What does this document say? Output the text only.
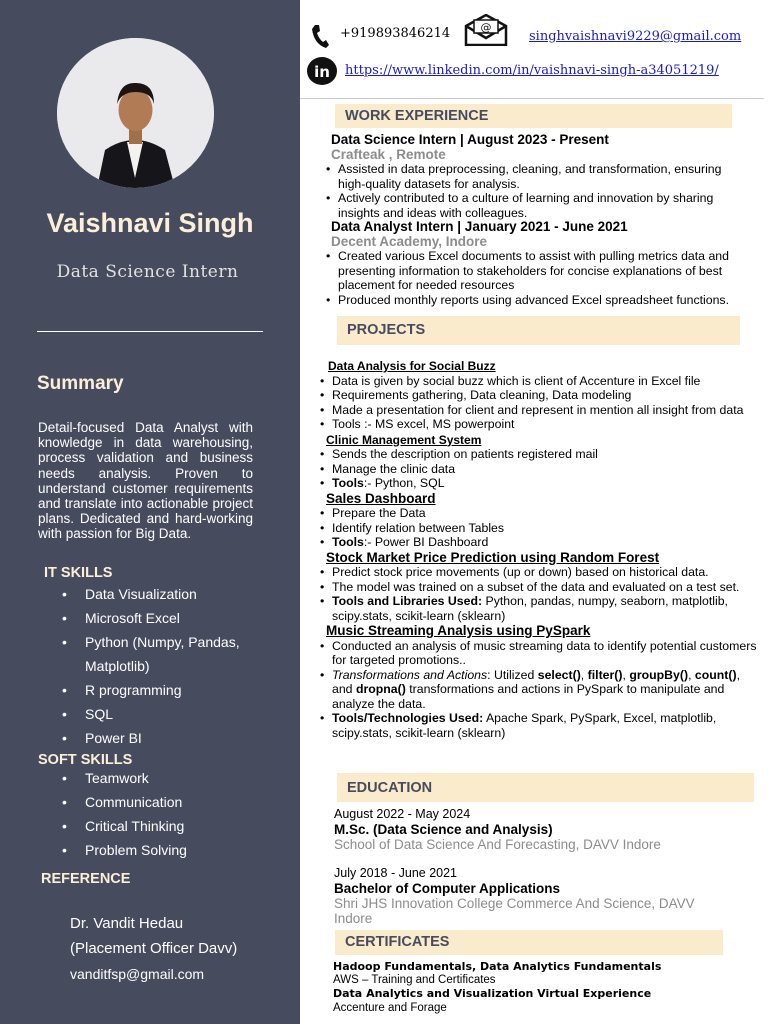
Vaishnavi Singh
Data Science Intern
Summary
Detail-focused Data Analyst with knowledge in data warehousing, process validation and business needs analysis. Proven to understand customer requirements and translate into actionable project plans. Dedicated and hard-working with passion for Big Data.
IT SKILLS
• Data Visualization
• Microsoft Excel
• Python (Numpy, Pandas,
Matplotlib)
• R programming
• SQL
• Power BI
SOFT SKILLS
• Teamwork
• Communication
• Critical Thinking
• Problem Solving
REFERENCE
Dr. Vandit Hedau
(Placement Officer Davv)
vanditfsp@gmail.com
+919893846214	@
singhvaishnavi9229@gmail.com
in https://www.linkedin.com/in/vaishnavi-singh-a34051219/
WORK EXPERIENCE
Data Science Intern | August 2023 - Present
Crafteak , Remote
• Assisted in data preprocessing, cleaning, and transformation, ensuring high-quality datasets for analysis.
• Actively contributed to a culture of learning and innovation by sharing insights and ideas with colleagues.
Data Analyst Intern | January 2021 - June 2021
Decent Academy, Indore
• Created various Excel documents to assist with pulling metrics data and presenting information to stakeholders for concise explanations of best placement for needed resources
• Produced monthly reports using advanced Excel spreadsheet functions.
PROJECTS
Data Analysis for Social Buzz
• Data is given by social buzz which is client of Accenture in Excel file
• Requirements gathering, Data cleaning, Data modeling
• Made a presentation for client and represent in mention all insight from data
• Tools :- MS excel, MS powerpoint
Clinic Management System
• Sends the description on patients registered mail
• Manage the clinic data
• Tools:- Python, SQL
Sales Dashboard
• Prepare the Data
• Identify relation between Tables
• Tools:- Power BI Dashboard
Stock Market Price Prediction using Random Forest
• Predict stock price movements (up or down) based on historical data.
• The model was trained on a subset of the data and evaluated on a test set.
• Tools and Libraries Used: Python, pandas, numpy, seaborn, matplotlib, scipy.stats, scikit-learn (sklearn)
Music Streaming Analysis using PySpark
• Conducted an analysis of music streaming data to identify potential customers for targeted promotions..
• Transformations and Actions: Utilized select(), filter(), groupBy(), count(), and dropna() transformations and actions in PySpark to manipulate and analyze the data.
• Tools/Technologies Used: Apache Spark, PySpark, Excel, matplotlib, scipy.stats, scikit-learn (sklearn)
EDUCATION
August 2022 - May 2024
M.Sc. (Data Science and Analysis)
School of Data Science And Forecasting, DAVV Indore
July 2018 - June 2021
Bachelor of Computer Applications
Shri JHS Innovation College Commerce And Science, DAVV Indore
CERTIFICATES
Hadoop Fundamentals, Data Analytics Fundamentals
AWS – Training and Certificates
Data Analytics and Visualization Virtual Experience
Accenture and Forage
